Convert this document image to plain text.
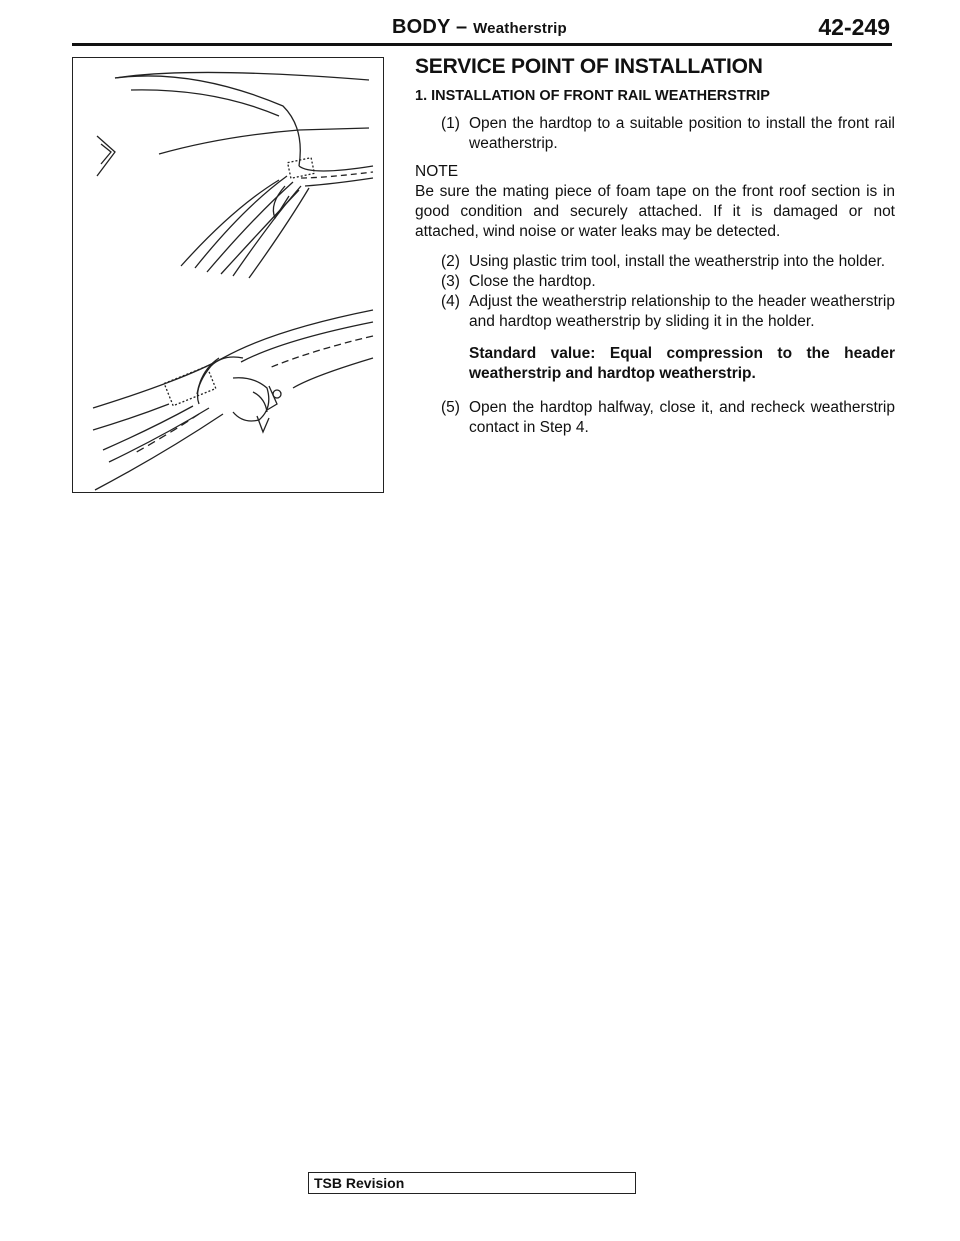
BODY – Weatherstrip	42-249
SERVICE POINT OF INSTALLATION
1. INSTALLATION OF FRONT RAIL WEATHERSTRIP
(1) Open the hardtop to a suitable position to install the front rail weatherstrip.
NOTE
Be sure the mating piece of foam tape on the front roof section is in good condition and securely attached. If it is damaged or not attached, wind noise or water leaks may be detected.
(2) Using plastic trim tool, install the weatherstrip into the holder.
(3) Close the hardtop.
(4) Adjust the weatherstrip relationship to the header weatherstrip and hardtop weatherstrip by sliding it in the holder.
Standard value: Equal compression to the header weatherstrip and hardtop weatherstrip.
(5) Open the hardtop halfway, close it, and recheck weatherstrip contact in Step 4.
TSB Revision
